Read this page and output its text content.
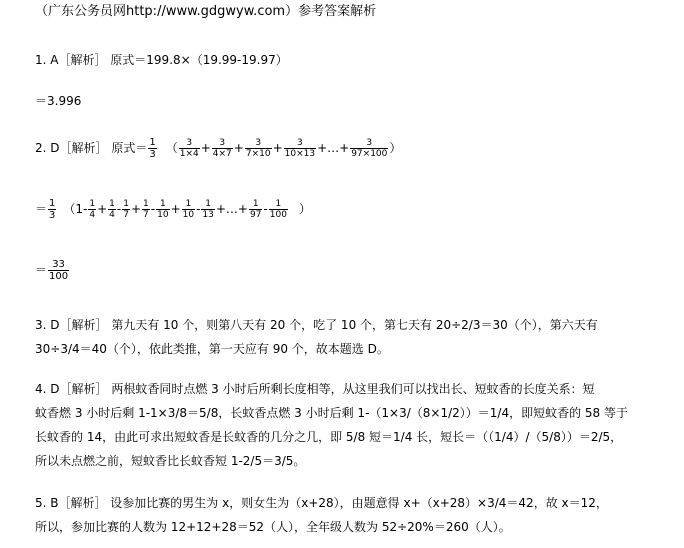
（广东公务员网http://www.gdgwyw.com）参考答案解析
1. A［解析］ 原式＝199.8×（19.99-19.97）
＝3.996
2. D［解析］ 原式＝ $\frac{1}{3}$ （ $\frac{3}{1\times 4} + \frac{3}{4\times 7} + \frac{3}{7\times 10} + \frac{3}{10\times 13}$ +…+ $\frac{3}{97\times 100}$ ）
＝ $\frac{1}{3} (1- \frac{1}{4} + \frac{1}{4} - \frac{1}{7} + \frac{1}{7} - \frac{1}{10} + \frac{1}{10} - \frac{1}{13}$ +…+ $\frac{1}{97} - \frac{1}{100}$ ）
＝ $\frac{33}{100}$
3. D［解析］ 第九天有 10 个，则第八天有 20 个，吃了 10 个，第七天有 20÷2/3＝30（个），第六天有
30÷3/4＝40（个），依此类推，第一天应有 90 个，故本题选 D。
4. D［解析］ 两根蚊香同时点燃 3 小时后所剩长度相等，从这里我们可以找出长、短蚊香的长度关系：短
蚊香燃 3 小时后剩 1-1×3/8＝5/8，长蚊香点燃 3 小时后剩 1-（1×3/（8×1/2））＝1/4，即短蚊香的 58 等于
长蚊香的 14，由此可求出短蚊香是长蚊香的几分之几，即 5/8 短＝1/4 长，短长＝（（1/4）/（5/8））＝2/5，
所以未点燃之前，短蚊香比长蚊香短 1-2/5＝3/5。
5. B［解析］ 设参加比赛的男生为 x，则女生为（x+28），由题意得 x+（x+28）×3/4＝42，故 x＝12，
所以，参加比赛的人数为 12+12+28＝52（人），全年级人数为 52÷20%＝260（人）。
